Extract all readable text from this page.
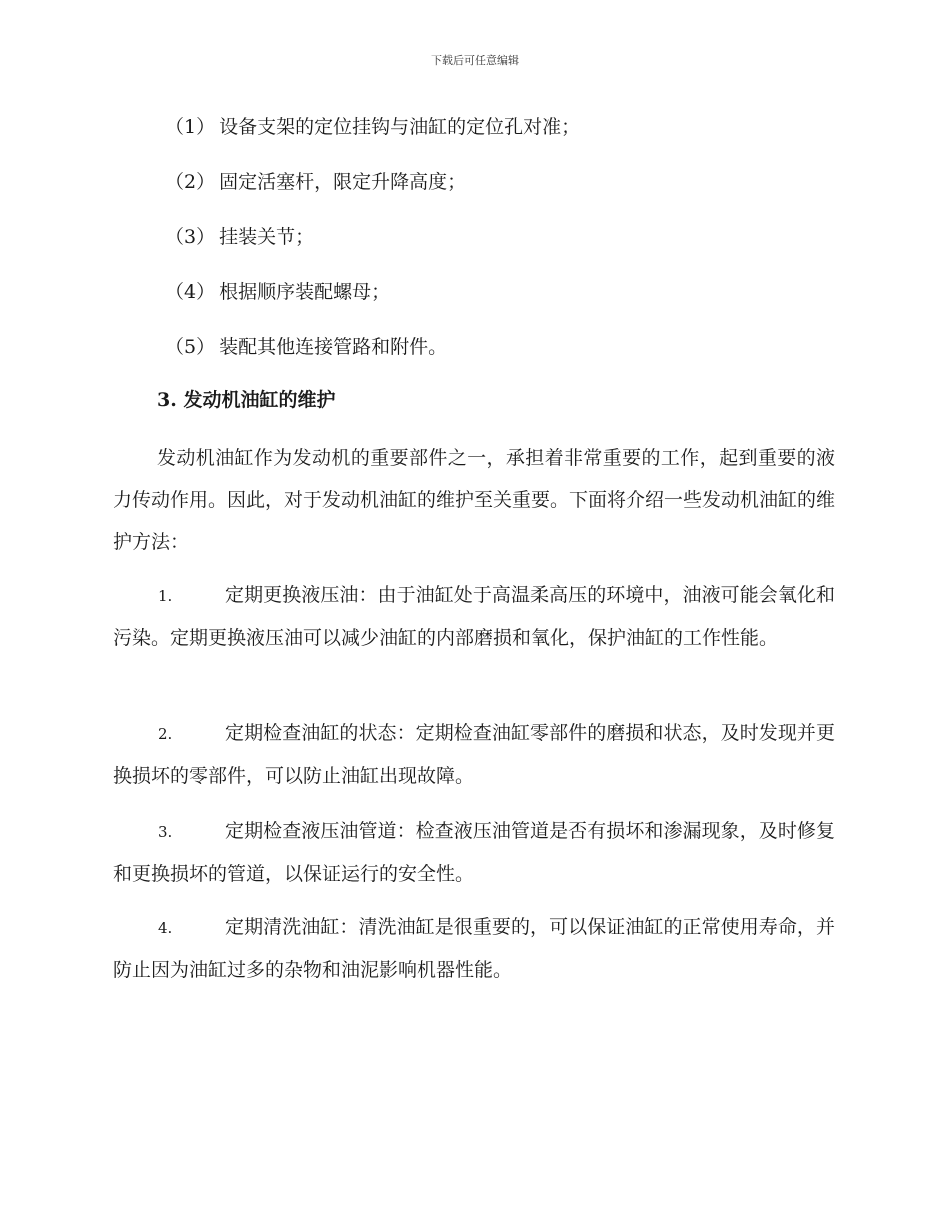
下载后可任意编辑
（1） 设备支架的定位挂钩与油缸的定位孔对准；
（2） 固定活塞杆，限定升降高度；
（3） 挂装关节；
（4） 根据顺序装配螺母；
（5） 装配其他连接管路和附件。
3. 发动机油缸的维护

发动机油缸作为发动机的重要部件之一，承担着非常重要的工作，起到重要的液力传动作用。因此，对于发动机油缸的维护至关重要。下面将介绍一些发动机油缸的维护方法：

1.	定期更换液压油：由于油缸处于高温柔高压的环境中，油液可能会氧化和污染。定期更换液压油可以减少油缸的内部磨损和氧化，保护油缸的工作性能。

2.	定期检查油缸的状态：定期检查油缸零部件的磨损和状态，及时发现并更换损坏的零部件，可以防止油缸出现故障。

3.	定期检查液压油管道：检查液压油管道是否有损坏和渗漏现象，及时修复和更换损坏的管道，以保证运行的安全性。

4.	定期清洗油缸：清洗油缸是很重要的，可以保证油缸的正常使用寿命，并防止因为油缸过多的杂物和油泥影响机器性能。
